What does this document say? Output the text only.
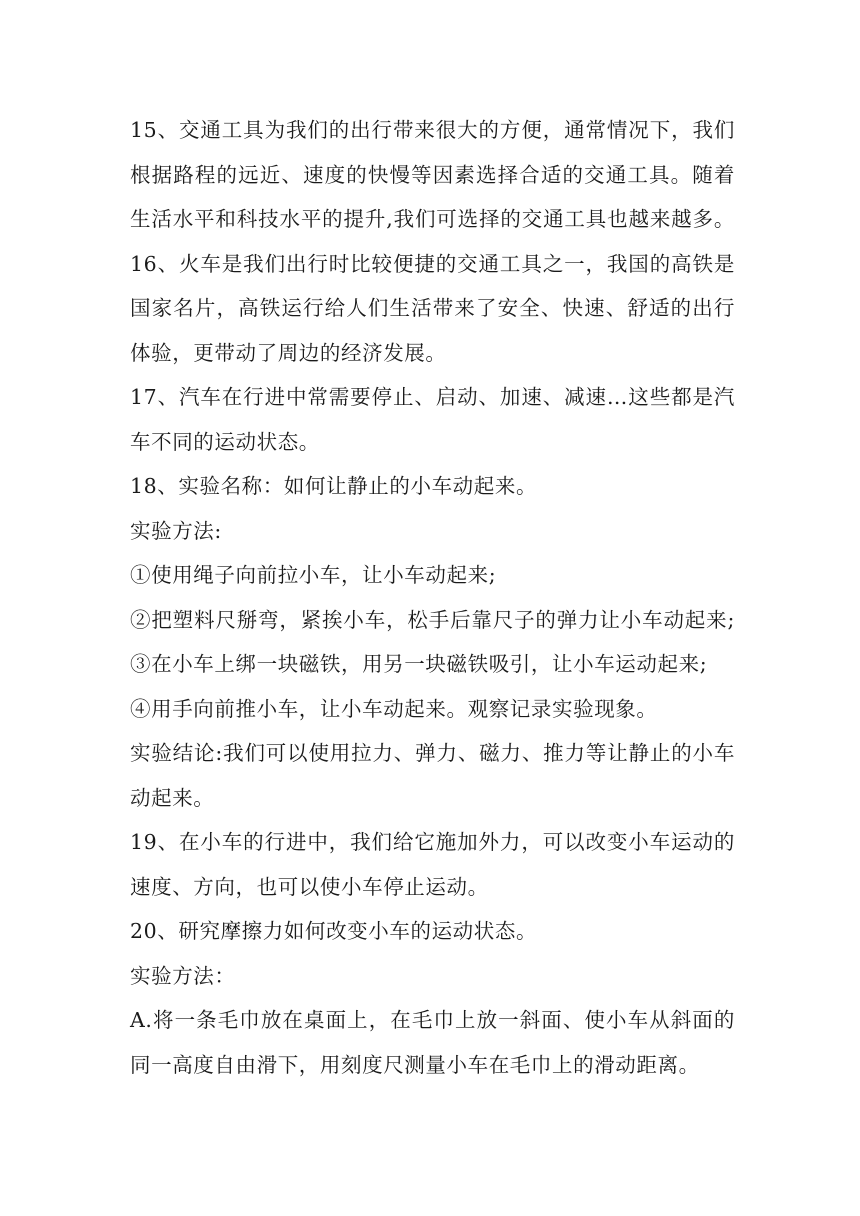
15、交通工具为我们的出行带来很大的方便，通常情况下，我们
根据路程的远近、速度的快慢等因素选择合适的交通工具。随着
生活水平和科技水平的提升,我们可选择的交通工具也越来越多。
16、火车是我们出行时比较便捷的交通工具之一，我国的高铁是
国家名片，高铁运行给人们生活带来了安全、快速、舒适的出行
体验，更带动了周边的经济发展。
17、汽车在行进中常需要停止、启动、加速、减速…这些都是汽
车不同的运动状态。
18、实验名称：如何让静止的小车动起来。
实验方法:
①使用绳子向前拉小车，让小车动起来;
②把塑料尺掰弯，紧挨小车，松手后靠尺子的弹力让小车动起来;
③在小车上绑一块磁铁，用另一块磁铁吸引，让小车运动起来;
④用手向前推小车，让小车动起来。观察记录实验现象。
实验结论:我们可以使用拉力、弹力、磁力、推力等让静止的小车
动起来。
19、在小车的行进中，我们给它施加外力，可以改变小车运动的
速度、方向，也可以使小车停止运动。
20、研究摩擦力如何改变小车的运动状态。
实验方法：
A.将一条毛巾放在桌面上，在毛巾上放一斜面、使小车从斜面的
同一高度自由滑下，用刻度尺测量小车在毛巾上的滑动距离。
